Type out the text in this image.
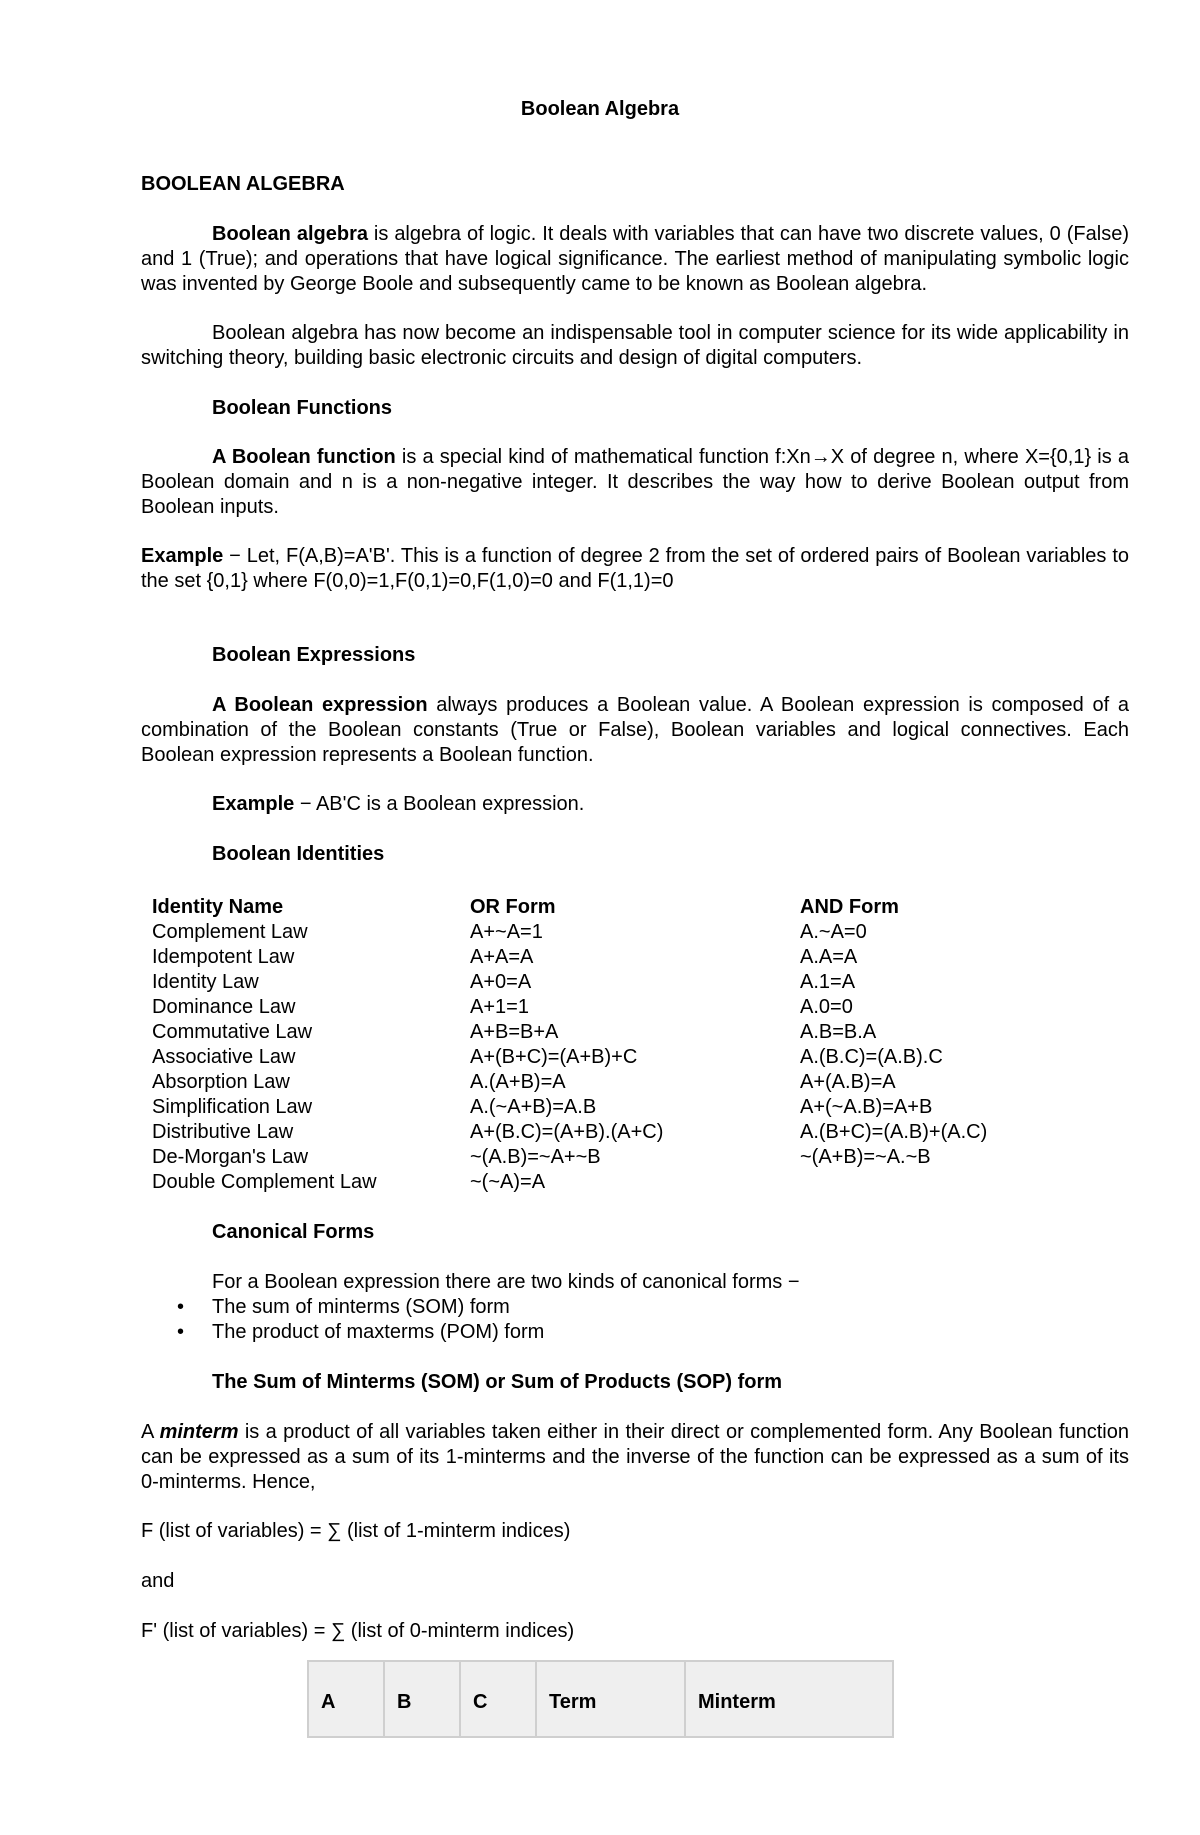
Boolean Algebra
BOOLEAN ALGEBRA

Boolean algebra is algebra of logic. It deals with variables that can have two discrete values, 0 (False) and 1 (True); and operations that have logical significance. The earliest method of manipulating symbolic logic was invented by George Boole and subsequently came to be known as Boolean algebra.

Boolean algebra has now become an indispensable tool in computer science for its wide applicability in switching theory, building basic electronic circuits and design of digital computers.

Boolean Functions

A Boolean function is a special kind of mathematical function f:Xn→X of degree n, where X={0,1} is a Boolean domain and n is a non-negative integer. It describes the way how to derive Boolean output from Boolean inputs.

Example − Let, F(A,B)=A'B'. This is a function of degree 2 from the set of ordered pairs of Boolean variables to the set {0,1} where F(0,0)=1,F(0,1)=0,F(1,0)=0 and F(1,1)=0

Boolean Expressions

A Boolean expression always produces a Boolean value. A Boolean expression is composed of a combination of the Boolean constants (True or False), Boolean variables and logical connectives. Each Boolean expression represents a Boolean function.

Example − AB'C is a Boolean expression.

Boolean Identities
Identity Name	OR Form	AND Form
Complement Law	A+~A=1	A.~A=0
Idempotent Law	A+A=A	A.A=A
Identity Law	A+0=A	A.1=A
Dominance Law	A+1=1	A.0=0
Commutative Law	A+B=B+A	A.B=B.A
Associative Law	A+(B+C)=(A+B)+C	A.(B.C)=(A.B).C
Absorption Law	A.(A+B)=A	A+(A.B)=A
Simplification Law	A.(~A+B)=A.B	A+(~A.B)=A+B
Distributive Law	A+(B.C)=(A+B).(A+C)	A.(B+C)=(A.B)+(A.C)
De-Morgan's Law	~(A.B)=~A+~B	~(A+B)=~A.~B
Double Complement Law	~(~A)=A	
Canonical Forms
For a Boolean expression there are two kinds of canonical forms −
• The sum of minterms (SOM) form
• The product of maxterms (POM) form
The Sum of Minterms (SOM) or Sum of Products (SOP) form

A minterm is a product of all variables taken either in their direct or complemented form. Any Boolean function can be expressed as a sum of its 1-minterms and the inverse of the function can be expressed as a sum of its 0-minterms. Hence,

F (list of variables) = ∑ (list of 1-minterm indices)
and
F' (list of variables) = ∑ (list of 0-minterm indices)
A	B	C	Term	Minterm
